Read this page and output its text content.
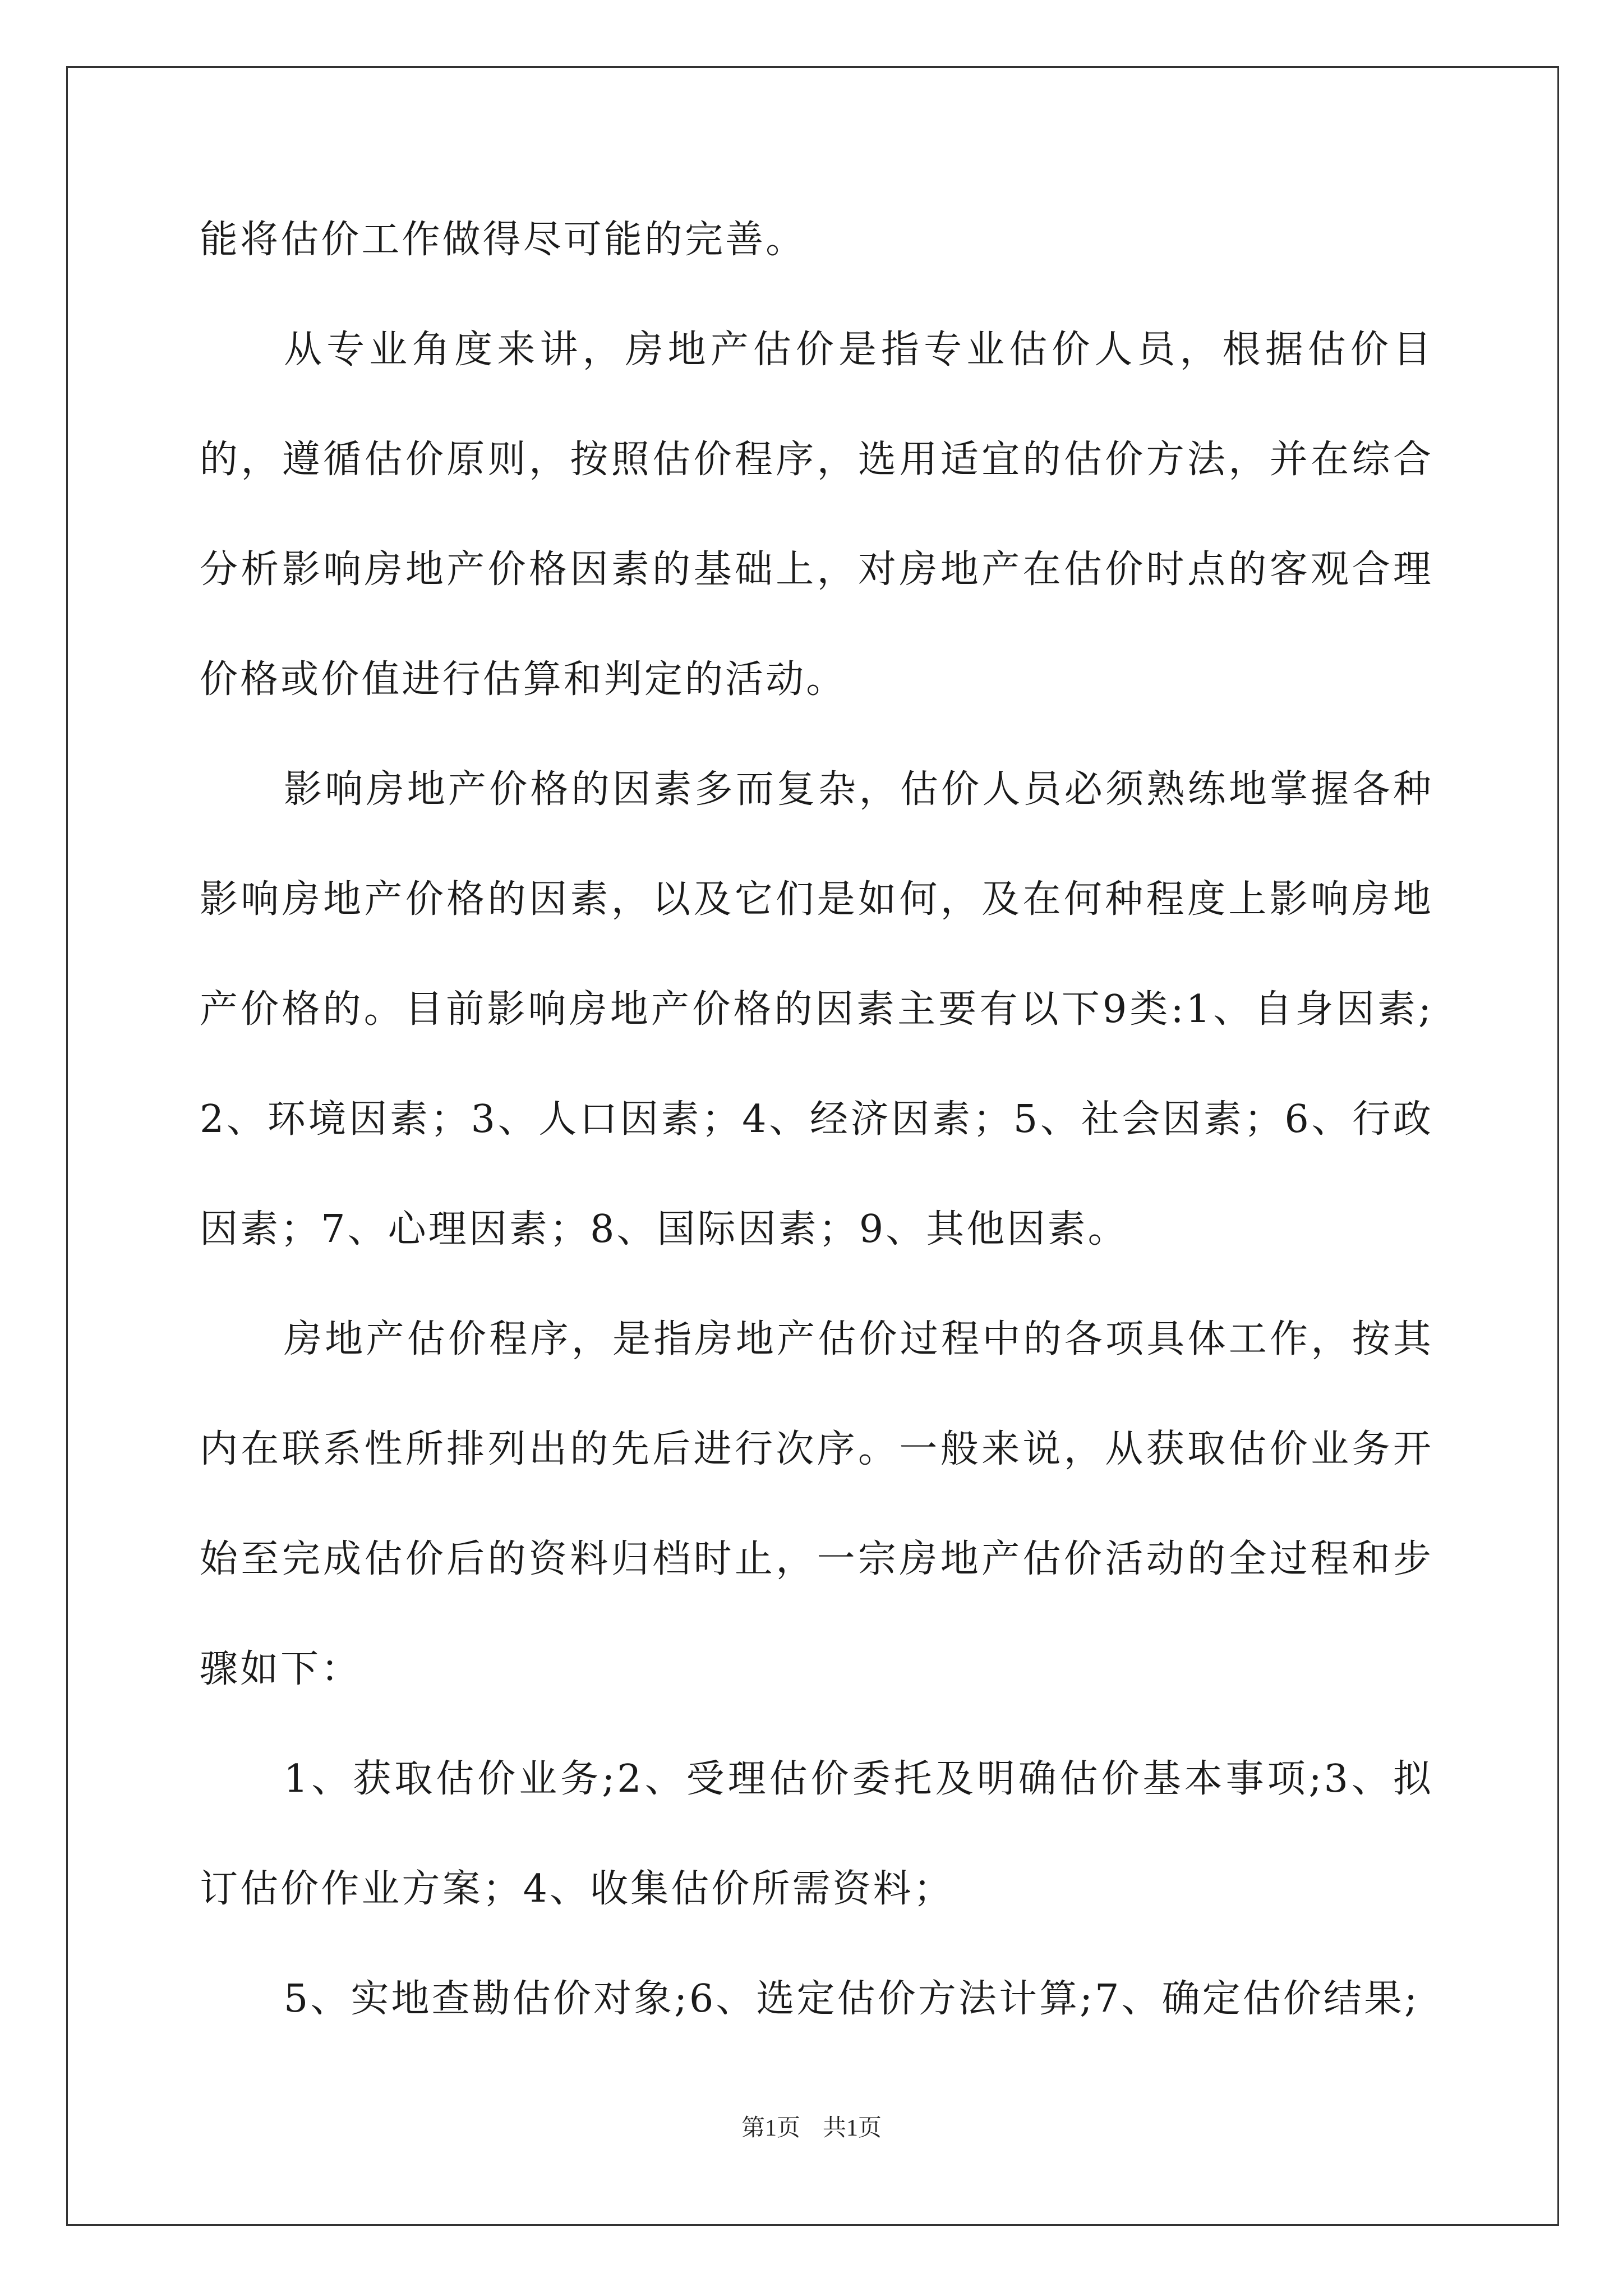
能将估价工作做得尽可能的完善。

从专业角度来讲，房地产估价是指专业估价人员，根据估价目的，遵循估价原则，按照估价程序，选用适宜的估价方法，并在综合分析影响房地产价格因素的基础上，对房地产在估价时点的客观合理价格或价值进行估算和判定的活动。

影响房地产价格的因素多而复杂，估价人员必须熟练地掌握各种影响房地产价格的因素，以及它们是如何，及在何种程度上影响房地产价格的。目前影响房地产价格的因素主要有以下9类:1、自身因素;2、环境因素；3、人口因素；4、经济因素；5、社会因素；6、行政因素；7、心理因素；8、国际因素；9、其他因素。

房地产估价程序，是指房地产估价过程中的各项具体工作，按其内在联系性所排列出的先后进行次序。一般来说，从获取估价业务开始至完成估价后的资料归档时止，一宗房地产估价活动的全过程和步骤如下：

1、获取估价业务;2、受理估价委托及明确估价基本事项;3、拟订估价作业方案；4、收集估价所需资料；

5、实地查勘估价对象;6、选定估价方法计算;7、确定估价结果;

第1页 共1页
